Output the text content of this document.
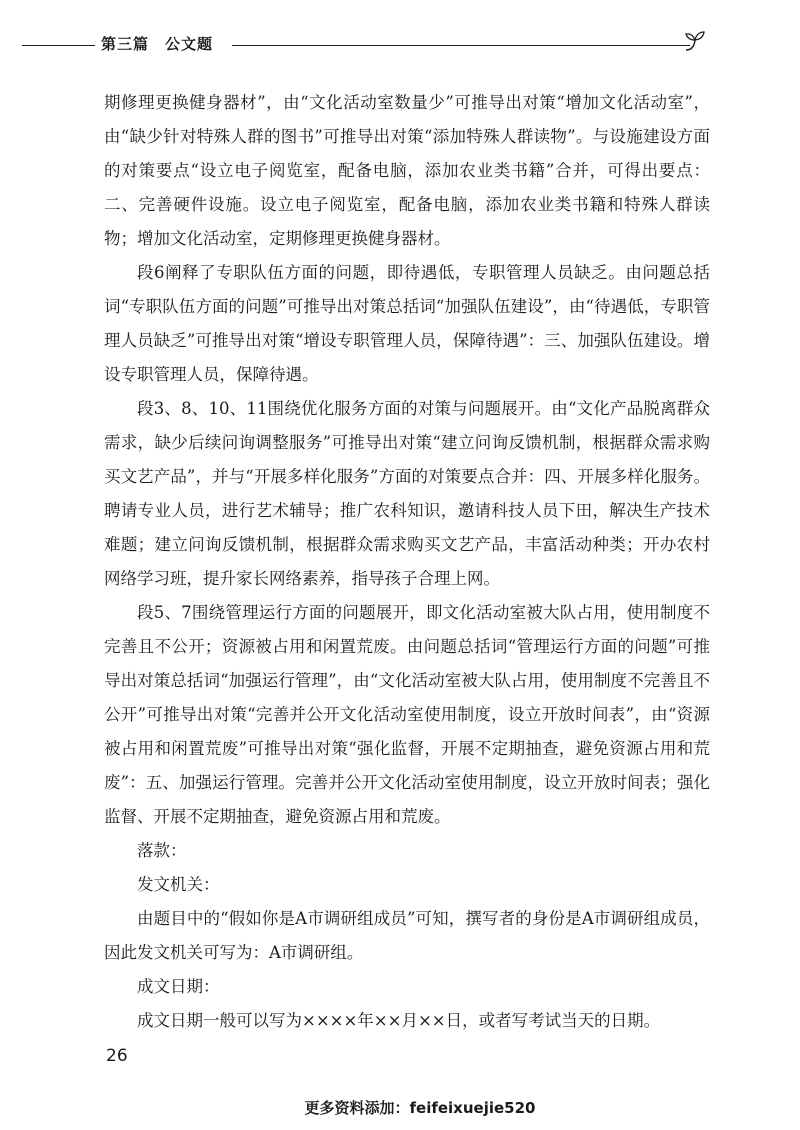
第三篇　公文题

期修理更换健身器材”，由“文化活动室数量少”可推导出对策“增加文化活动室”，由“缺少针对特殊人群的图书”可推导出对策“添加特殊人群读物”。与设施建设方面的对策要点“设立电子阅览室，配备电脑，添加农业类书籍”合并，可得出要点：二、完善硬件设施。设立电子阅览室，配备电脑，添加农业类书籍和特殊人群读物；增加文化活动室，定期修理更换健身器材。

段6阐释了专职队伍方面的问题，即待遇低，专职管理人员缺乏。由问题总括词“专职队伍方面的问题”可推导出对策总括词“加强队伍建设”，由“待遇低，专职管理人员缺乏”可推导出对策“增设专职管理人员，保障待遇”：三、加强队伍建设。增设专职管理人员，保障待遇。

段3、8、10、11围绕优化服务方面的对策与问题展开。由“文化产品脱离群众需求，缺少后续问询调整服务”可推导出对策“建立问询反馈机制，根据群众需求购买文艺产品”，并与“开展多样化服务”方面的对策要点合并：四、开展多样化服务。聘请专业人员，进行艺术辅导；推广农科知识，邀请科技人员下田，解决生产技术难题；建立问询反馈机制，根据群众需求购买文艺产品，丰富活动种类；开办农村网络学习班，提升家长网络素养，指导孩子合理上网。

段5、7围绕管理运行方面的问题展开，即文化活动室被大队占用，使用制度不完善且不公开；资源被占用和闲置荒废。由问题总括词“管理运行方面的问题”可推导出对策总括词“加强运行管理”，由“文化活动室被大队占用，使用制度不完善且不公开”可推导出对策“完善并公开文化活动室使用制度，设立开放时间表”，由“资源被占用和闲置荒废”可推导出对策“强化监督，开展不定期抽查，避免资源占用和荒废”：五、加强运行管理。完善并公开文化活动室使用制度，设立开放时间表；强化监督、开展不定期抽查，避免资源占用和荒废。

落款：

发文机关：

由题目中的“假如你是A市调研组成员”可知，撰写者的身份是A市调研组成员，因此发文机关可写为：A市调研组。

成文日期：

成文日期一般可以写为××××年××月××日，或者写考试当天的日期。

26
更多资料添加：feifeixuejie520
